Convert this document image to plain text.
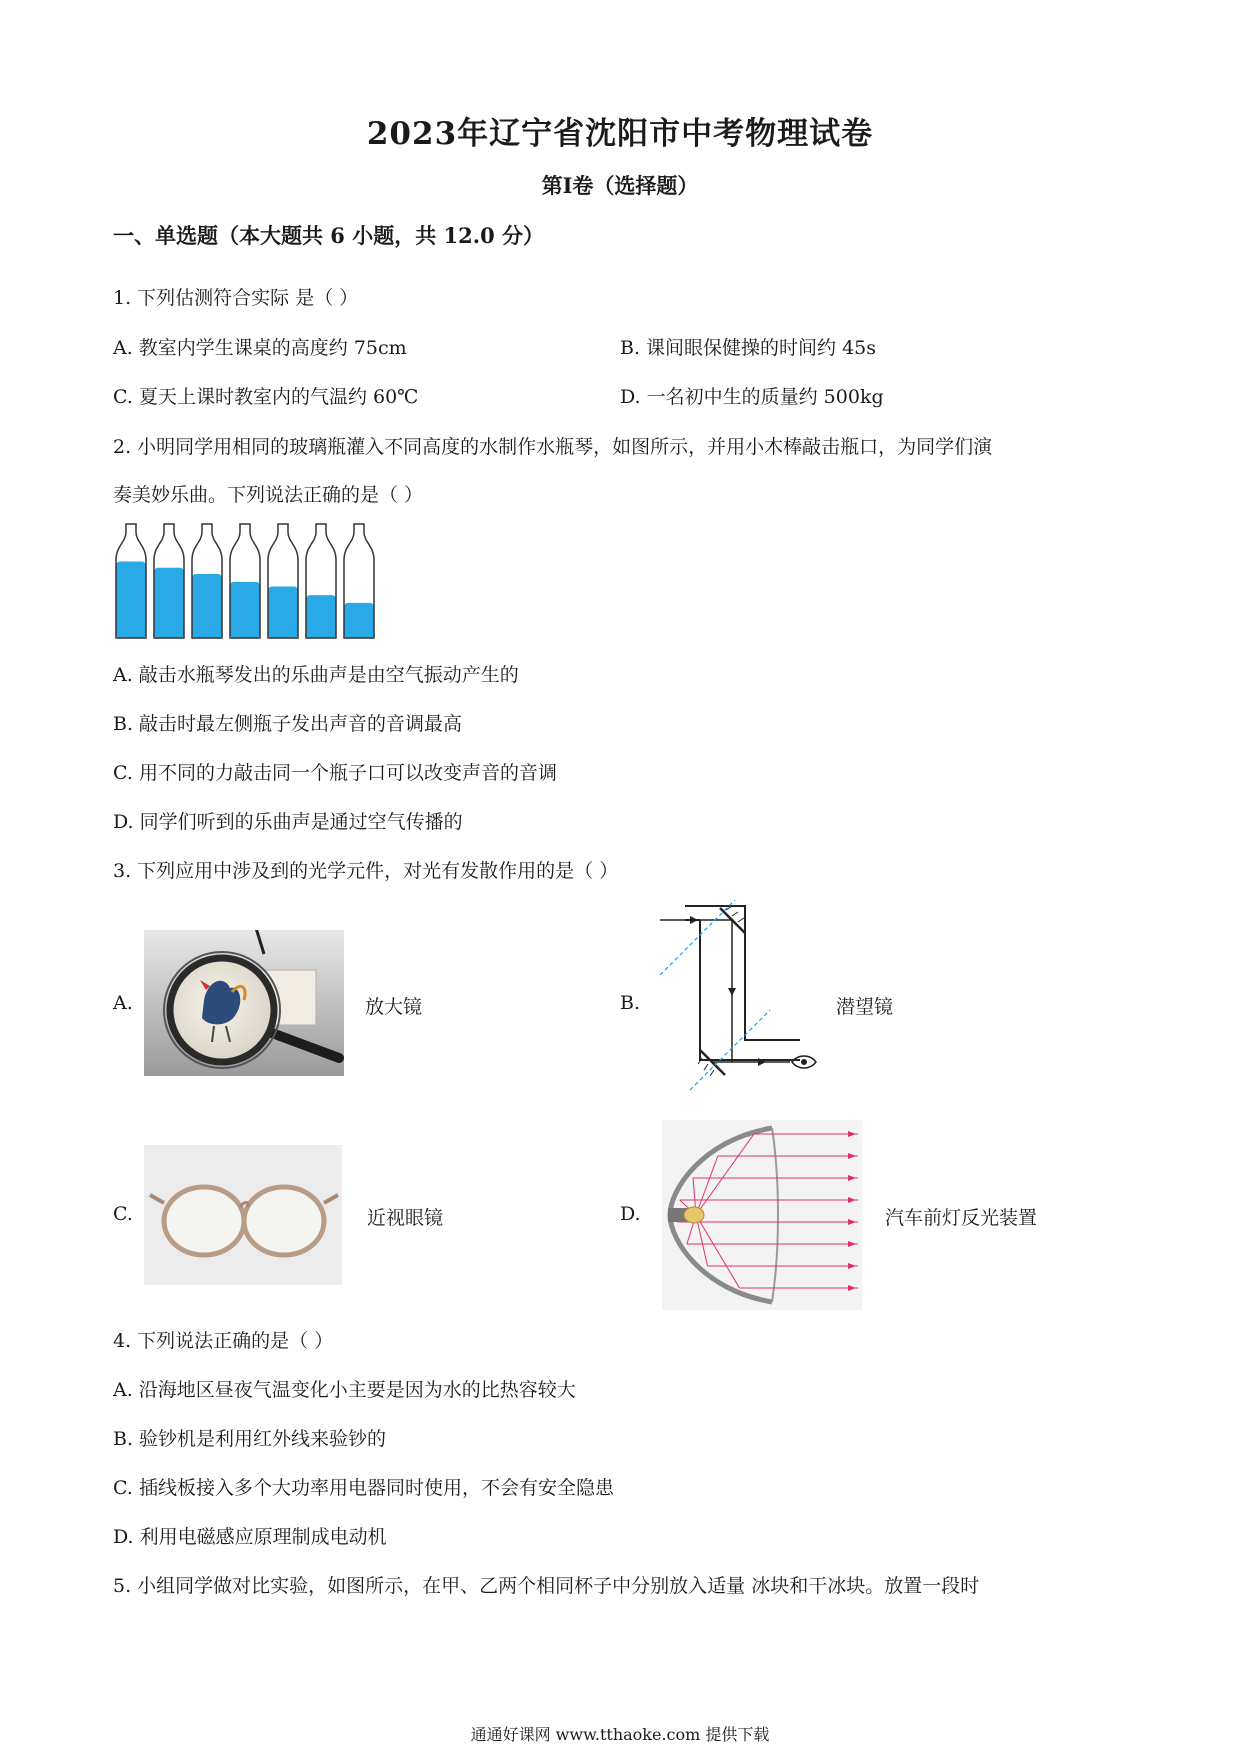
2023年辽宁省沈阳市中考物理试卷
第Ⅰ卷（选择题）
一、单选题（本大题共 6 小题，共 12.0 分）
1. 下列估测符合实际 是（ ）
A. 教室内学生课桌的高度约 75cm	B. 课间眼保健操的时间约 45s
C. 夏天上课时教室内的气温约 60℃	D. 一名初中生的质量约 500kg
2. 小明同学用相同的玻璃瓶灌入不同高度的水制作水瓶琴，如图所示，并用小木棒敲击瓶口，为同学们演
奏美妙乐曲。下列说法正确的是（ ）
A. 敲击水瓶琴发出的乐曲声是由空气振动产生的
B. 敲击时最左侧瓶子发出声音的音调最高
C. 用不同的力敲击同一个瓶子口可以改变声音的音调
D. 同学们听到的乐曲声是通过空气传播的
3. 下列应用中涉及到的光学元件，对光有发散作用的是（ ）
A.	放大镜	B.	潜望镜
C.	近视眼镜	D.	汽车前灯反光装置
4. 下列说法正确的是（ ）
A. 沿海地区昼夜气温变化小主要是因为水的比热容较大
B. 验钞机是利用红外线来验钞的
C. 插线板接入多个大功率用电器同时使用，不会有安全隐患
D. 利用电磁感应原理制成电动机
5. 小组同学做对比实验，如图所示，在甲、乙两个相同杯子中分别放入适量 冰块和干冰块。放置一段时
通通好课网 www.tthaoke.com 提供下载
